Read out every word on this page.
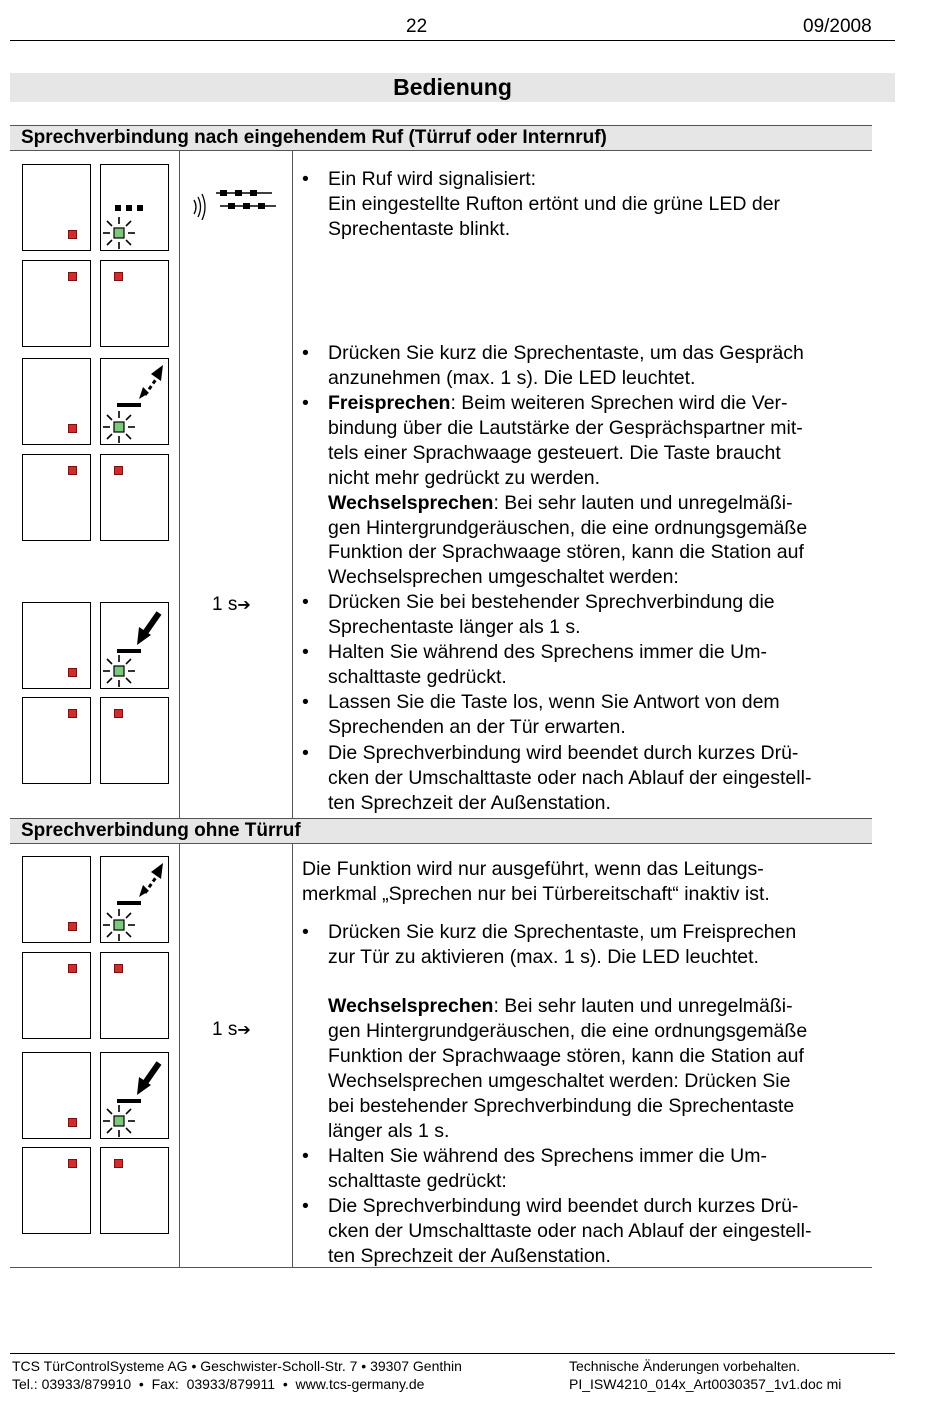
22	09/2008
Bedienung
Sprechverbindung nach eingehendem Ruf (Türruf oder Internruf)
Sprechverbindung ohne Türruf
1 s➔
• Ein Ruf wird signalisiert:
Ein eingestellte Rufton ertönt und die grüne LED der
Sprechentaste blinkt.
• Drücken Sie kurz die Sprechentaste, um das Gespräch
anzunehmen (max. 1 s). Die LED leuchtet.
• Freisprechen: Beim weiteren Sprechen wird die Ver-
bindung über die Lautstärke der Gesprächspartner mit-
tels einer Sprachwaage gesteuert. Die Taste braucht
nicht mehr gedrückt zu werden.
Wechselsprechen: Bei sehr lauten und unregelmäßi-
gen Hintergrundgeräuschen, die eine ordnungsgemäße
Funktion der Sprachwaage stören, kann die Station auf
Wechselsprechen umgeschaltet werden:
• Drücken Sie bei bestehender Sprechverbindung die
Sprechentaste länger als 1 s.
• Halten Sie während des Sprechens immer die Um-
schalttaste gedrückt.
• Lassen Sie die Taste los, wenn Sie Antwort von dem
Sprechenden an der Tür erwarten.
• Die Sprechverbindung wird beendet durch kurzes Drü-
cken der Umschalttaste oder nach Ablauf der eingestell-
ten Sprechzeit der Außenstation.
1 s➔
Die Funktion wird nur ausgeführt, wenn das Leitungs-
merkmal „Sprechen nur bei Türbereitschaft“ inaktiv ist.
• Drücken Sie kurz die Sprechentaste, um Freisprechen
zur Tür zu aktivieren (max. 1 s). Die LED leuchtet.
Wechselsprechen: Bei sehr lauten und unregelmäßi-
gen Hintergrundgeräuschen, die eine ordnungsgemäße
Funktion der Sprachwaage stören, kann die Station auf
Wechselsprechen umgeschaltet werden: Drücken Sie
bei bestehender Sprechverbindung die Sprechentaste
länger als 1 s.
• Halten Sie während des Sprechens immer die Um-
schalttaste gedrückt:
• Die Sprechverbindung wird beendet durch kurzes Drü-
cken der Umschalttaste oder nach Ablauf der eingestell-
ten Sprechzeit der Außenstation.
TCS TürControlSysteme AG • Geschwister-Scholl-Str. 7 • 39307 Genthin
Tel.: 03933/879910  •  Fax:  03933/879911  •  www.tcs-germany.de
Technische Änderungen vorbehalten.
PI_ISW4210_014x_Art0030357_1v1.doc mi
